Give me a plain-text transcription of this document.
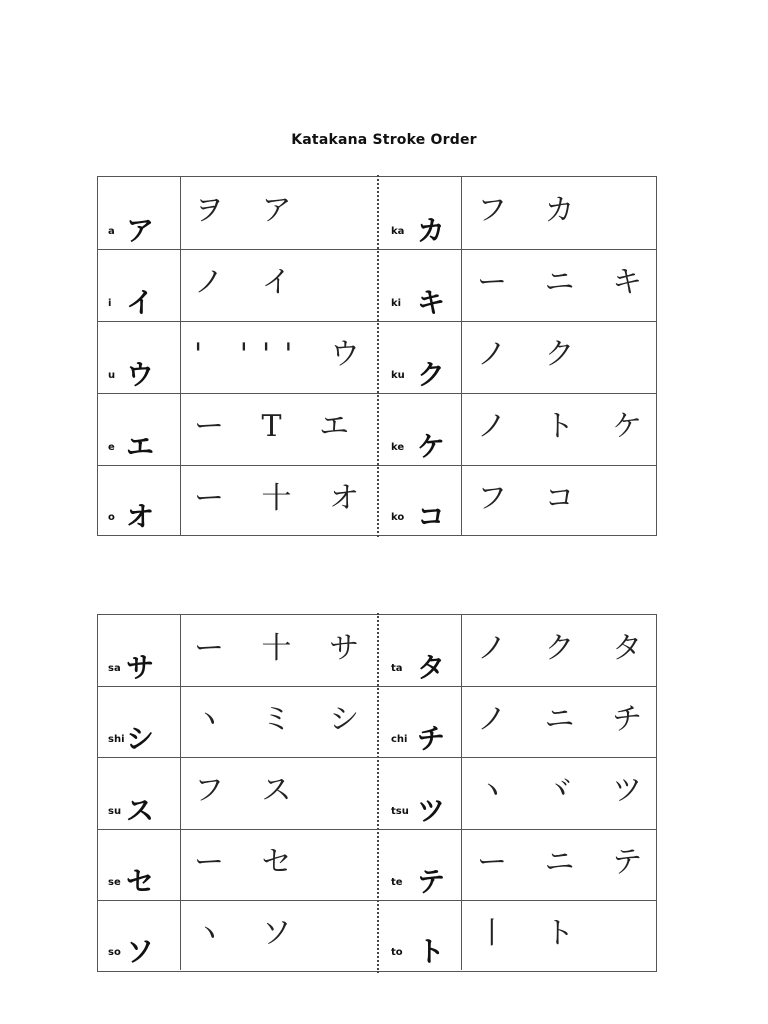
Katakana Stroke Order
a ア
ヲ ア
ka カ
フ カ
i イ
ノ イ
ki キ
ー ニ キ
u ウ
' ''' ウ
ku ク
ノ ク
e エ
ー T エ
ke ケ
ノ ト ケ
o オ
ー 十 オ
ko コ
フ コ
sa サ
ー 十 サ
ta タ
ノ ク タ
shi シ
ヽ ミ シ
chi チ
ノ ニ チ
su ス
フ ス
tsu ツ
ヽ ヾ ツ
se セ
ー セ
te テ
ー ニ テ
so ソ
ヽ ソ
to ト
丨 ト
